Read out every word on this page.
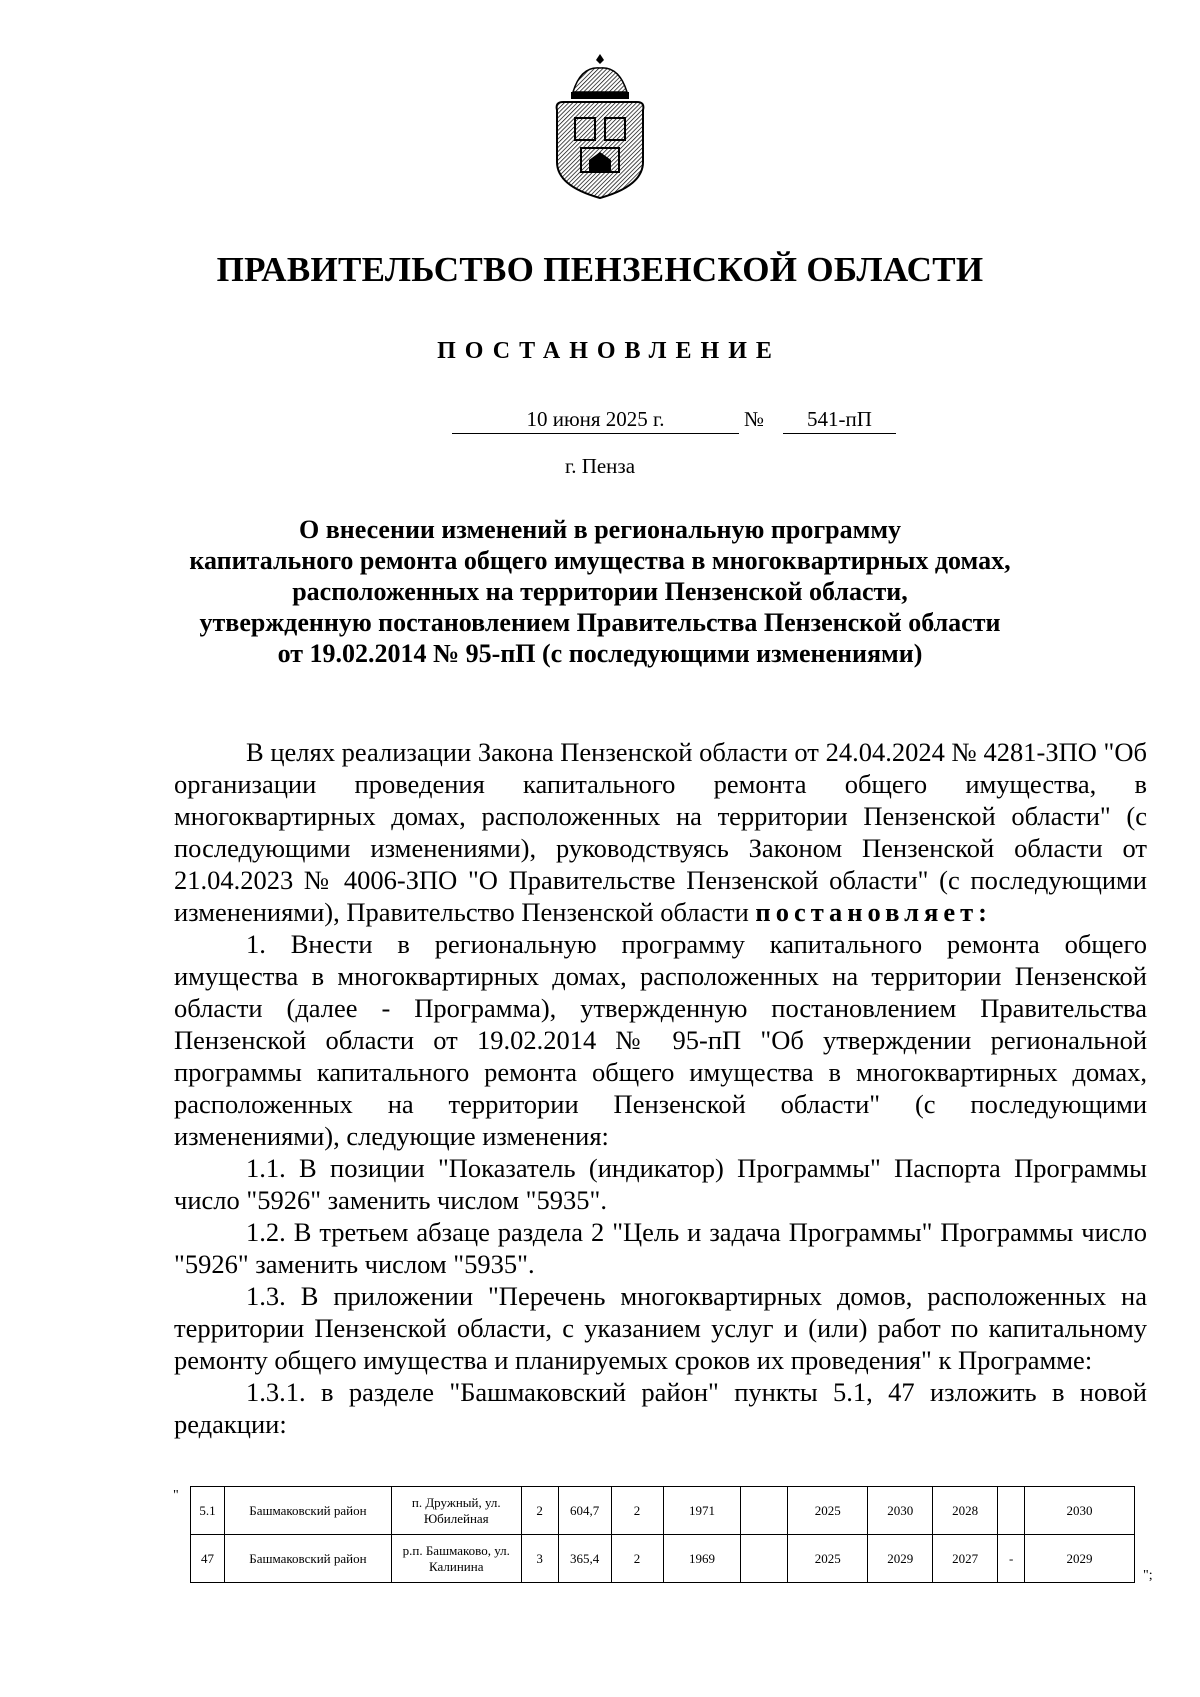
ПРАВИТЕЛЬСТВО ПЕНЗЕНСКОЙ ОБЛАСТИ
ПОСТАНОВЛЕНИЕ
10 июня 2025 г.	№	541-пП
г. Пенза
О внесении изменений в региональную программу
капитального ремонта общего имущества в многоквартирных домах,
расположенных на территории Пензенской области,
утвержденную постановлением Правительства Пензенской области
от 19.02.2014 № 95-пП (с последующими изменениями)

В целях реализации Закона Пензенской области от 24.04.2024 № 4281-ЗПО "Об организации проведения капитального ремонта общего имущества, в многоквартирных домах, расположенных на территории Пензенской области" (с последующими изменениями), руководствуясь Законом Пензенской области от 21.04.2023 № 4006-ЗПО "О Правительстве Пензенской области" (с последующими изменениями), Правительство Пензенской области постановляет:

1. Внести в региональную программу капитального ремонта общего имущества в многоквартирных домах, расположенных на территории Пензенской области (далее - Программа), утвержденную постановлением Правительства Пензенской области от 19.02.2014 № 95-пП "Об утверждении региональной программы капитального ремонта общего имущества в многоквартирных домах, расположенных на территории Пензенской области" (с последующими изменениями), следующие изменения:

1.1. В позиции "Показатель (индикатор) Программы" Паспорта Программы число "5926" заменить числом "5935".

1.2. В третьем абзаце раздела 2 "Цель и задача Программы" Программы число "5926" заменить числом "5935".

1.3. В приложении "Перечень многоквартирных домов, расположенных на территории Пензенской области, с указанием услуг и (или) работ по капитальному ремонту общего имущества и планируемых сроков их проведения" к Программе:

1.3.1. в разделе "Башмаковский район" пункты 5.1, 47 изложить в новой редакции:

"
5.1	Башмаковский район	п. Дружный, ул. Юбилейная	2	604,7	2	1971		2025	2030	2028		2030
47	Башмаковский район	р.п. Башмаково, ул. Калинина	3	365,4	2	1969		2025	2029	2027	-	2029
";
